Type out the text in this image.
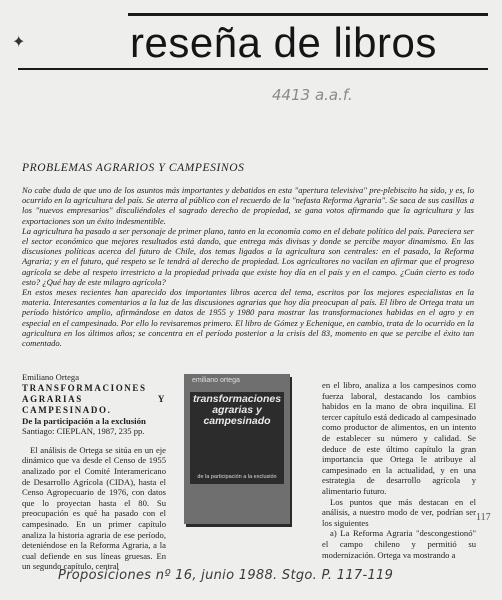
✦ reseña de libros
4413 a.a.f.
PROBLEMAS AGRARIOS Y CAMPESINOS

No cabe duda de que uno de los asuntos más importantes y debatidos en esta "apertura televisiva" pre-plebiscito ha sido, y es, lo ocurrido en la agricultura del país. Se aterra al público con el recuerdo de la "nefasta Reforma Agraria". Se saca de sus casillas a los "nuevos empresarios" disculiéndoles el sagrado derecho de propiedad, se gana votos afirmando que la agricultura y las exportaciones son un éxito indesmentible.

La agricultura ha pasado a ser personaje de primer plano, tanto en la economía como en el debate político del país. Pareciera ser el sector económico que mejores resultados está dando, que entrega más divisas y donde se percibe mayor dinamismo. En las discusiones políticas acerca del futuro de Chile, dos temas ligados a la agricultura son centrales: en el pasado, la Reforma Agraria; y en el futuro, qué respeto se le tendrá al derecho de propiedad. Los agricultores no vacilan en afirmar que el progreso agrícola se debe al respeto irrestricto a la propiedad privada que existe hoy día en el país y en el campo. ¿Cuán cierto es todo esto? ¿Qué hay de este milagro agrícola?

En estos meses recientes han aparecido dos importantes libros acerca del tema, escritos por los mejores especialistas en la materia. Interesantes comentarios a la luz de las discusiones agrarias que hoy día preocupan al país. El libro de Ortega trata un período histórico amplio, afirmándose en datos de 1955 y 1980 para mostrar las transformaciones habidas en el agro y en especial en el campesinado. Por ello lo revisaremos primero. El libro de Gómez y Echenique, en cambio, trata de lo ocurrido en la agricultura en los últimos años; se concentra en el período posterior a la crisis del 83, momento en que se percibe el éxito tan comentado.

Emiliano Ortega

TRANSFORMACIONES AGRARIAS Y CAMPESINADO.

De la participación a la exclusión

Santiago: CIEPLAN, 1987, 235 pp.

El análisis de Ortega se sitúa en un eje dinámico que va desde el Censo de 1955 analizado por el Comité Interamericano de Desarrollo Agrícola (CIDA), hasta el Censo Agropecuario de 1976, con datos que lo proyectan hasta el 80. Su preocupación es qué ha pasado con el campesinado. En un primer capítulo analiza la historia agraria de ese período, deteniéndose en la Reforma Agraria, a la cual defiende en sus líneas gruesas. En un segundo capítulo, central

emiliano ortega
transformaciones agrarias y campesinado
de la participación a la exclusión

en el libro, analiza a los campesinos como fuerza laboral, destacando los cambios habidos en la mano de obra inquilina. El tercer capítulo está dedicado al campesinado como productor de alimentos, en un intento de establecer su número y calidad. Se deduce de este último capítulo la gran importancia que Ortega le atribuye al campesinado en la actualidad, y en una estrategia de desarrollo agrícola y alimentario futuro.

Los puntos que más destacan en el análisis, a nuestro modo de ver, podrían ser los siguientes

a) La Reforma Agraria "descongestionó" el campo chileno y permitió su modernización. Ortega va mostrando a

117
Proposiciones nº 16, junio 1988. Stgo. P. 117-119
